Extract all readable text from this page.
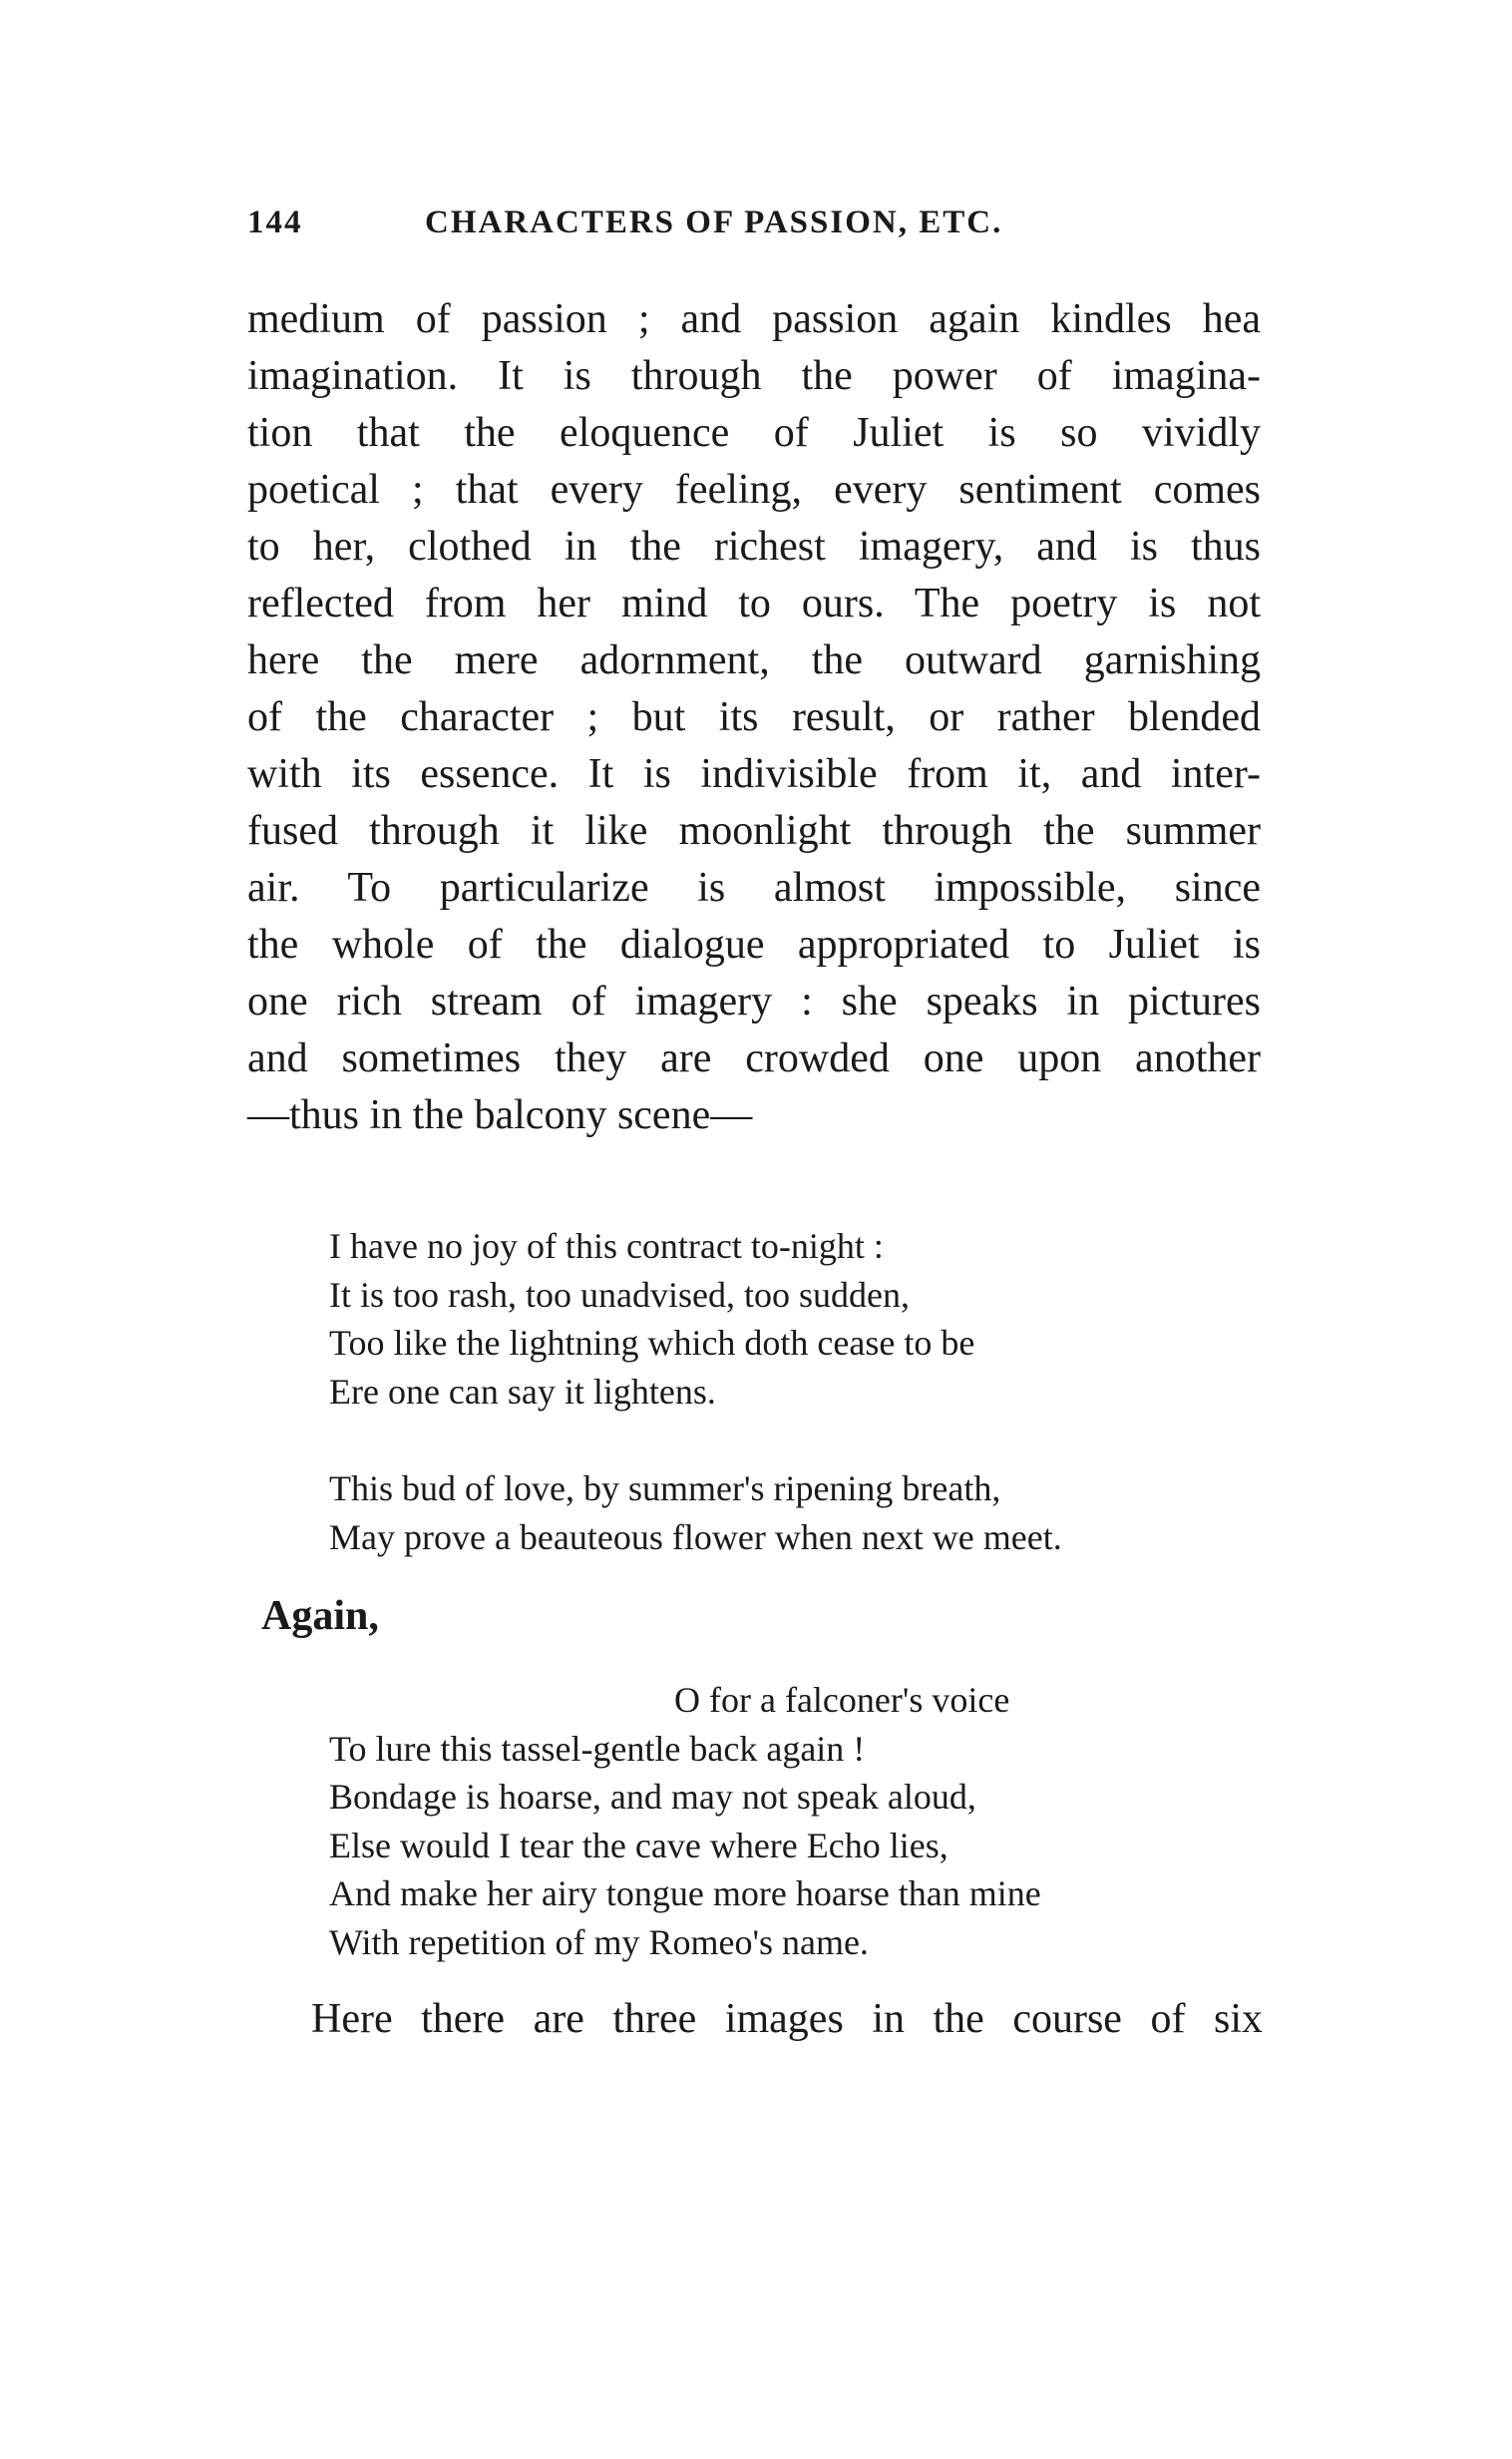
144	CHARACTERS OF PASSION, ETC.
medium of passion ; and passion again kindles hea
imagination. It is through the power of imagina-
tion that the eloquence of Juliet is so vividly
poetical ; that every feeling, every sentiment comes
to her, clothed in the richest imagery, and is thus
reflected from her mind to ours. The poetry is not
here the mere adornment, the outward garnishing
of the character ; but its result, or rather blended
with its essence. It is indivisible from it, and inter-
fused through it like moonlight through the summer
air. To particularize is almost impossible, since
the whole of the dialogue appropriated to Juliet is
one rich stream of imagery : she speaks in pictures
and sometimes they are crowded one upon another
—thus in the balcony scene—
I have no joy of this contract to-night :
It is too rash, too unadvised, too sudden,
Too like the lightning which doth cease to be
Ere one can say it lightens.
This bud of love, by summer's ripening breath,
May prove a beauteous flower when next we meet.
Again,
O for a falconer's voice
To lure this tassel-gentle back again !
Bondage is hoarse, and may not speak aloud,
Else would I tear the cave where Echo lies,
And make her airy tongue more hoarse than mine
With repetition of my Romeo's name.
Here there are three images in the course of six
